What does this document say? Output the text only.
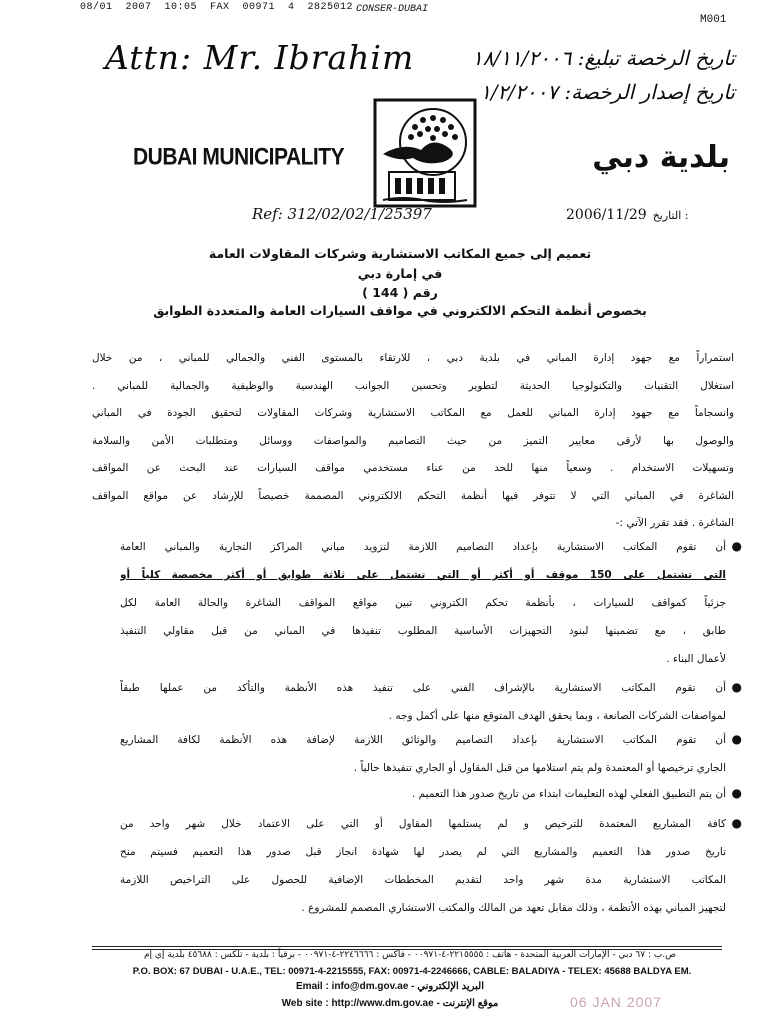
08/01  2007  10:05  FAX  00971  4  2825012 CONSER-DUBAI
M001
Attn: Mr. Ibrahim	تاريخ الرخصة تبليغ: ١٨/١١/٢٠٠٦
تاريخ إصدار الرخصة: ١/٢/٢٠٠٧
DUBAI MUNICIPALITY	بلدية دبي
Ref: 312/02/02/1/25397	2006/11/29 التاريخ :
تعميم إلى جميع المكاتب الاستشارية وشركات المقاولات العامة
في إمارة دبي
رقم ( 144 )
بخصوص أنظمة التحكم الالكتروني في مواقف السيارات العامة والمتعددة الطوابق
استمراراً مع جهود إدارة المباني في بلدية دبي ، للارتقاء بالمستوى الفني والجمالي للمباني ، من خلال
استغلال التقنيات والتكنولوجيا الحديثة لتطوير وتحسين الجوانب الهندسية والوظيفية والجمالية للمباني .
وانسجاماً مع جهود إدارة المباني للعمل مع المكاتب الاستشارية وشركات المقاولات لتحقيق الجودة في المباني
والوصول بها لأرقى معايير التميز من حيث التصاميم والمواصفات ووسائل ومتطلبات الأمن والسلامة
وتسهيلات الاستخدام . وسعياً منها للحد من عناء مستخدمي مواقف السيارات عند البحث عن المواقف
الشاغرة في المباني التي لا تتوفر فيها أنظمة التحكم الالكتروني المصممة خصيصاً للإرشاد عن مواقع المواقف
الشاغرة . فقد تقرر الآتي :-
●
أن تقوم المكاتب الاستشارية بإعداد التصاميم اللازمة لتزويد مباني المراكز التجارية والمباني العامة
التي تشتمل على 150 موقف أو أكثر أو التي تشتمل على ثلاثة طوابق أو أكثر مخصصة كلياً أو
جزئياً كمواقف للسيارات ، بأنظمة تحكم الكتروني تبين مواقع المواقف الشاغرة والحالة العامة لكل
طابق ، مع تضمينها لبنود التجهيزات الأساسية المطلوب تنفيذها في المباني من قبل مقاولي التنفيذ
لأعمال البناء .
●
أن تقوم المكاتب الاستشارية بالإشراف الفني على تنفيذ هذه الأنظمة والتأكد من عملها طبقاً
لمواصفات الشركات الصانعة ، وبما يحقق الهدف المتوقع منها على أكمل وجه .
●
أن تقوم المكاتب الاستشارية بإعداد التصاميم والوثائق اللازمة لإضافة هذه الأنظمة لكافة المشاريع
الجاري ترخيصها أو المعتمدة ولم يتم استلامها من قبل المقاول أو الجاري تنفيذها حالياً .
●
أن يتم التطبيق الفعلي لهذه التعليمات ابتداء من تاريخ صدور هذا التعميم .
●
كافة المشاريع المعتمدة للترخيص و لم يستلمها المقاول أو التي على الاعتماد خلال شهر واحد من
تاريخ صدور هذا التعميم والمشاريع التي لم يصدر لها شهادة انجاز قبل صدور هذا التعميم فسيتم منح
المكاتب الاستشارية مدة شهر واحد لتقديم المخططات الإضافية للحصول على التراخيص اللازمة
لتجهيز المباني بهذه الأنظمة ، وذلك مقابل تعهد من المالك والمكتب الاستشاري المصمم للمشروع .
ص.ب : ٦٧ دبي - الإمارات العربية المتحدة - هاتف : ٢٢١٥٥٥٥-٤-٠٠٩٧١ - فاكس : ٢٢٤٦٦٦٦-٤-٠٠٩٧١ - برقياً : بلدية - تلكس : ٤٥٦٨٨ بلدية إي إم
P.O. BOX: 67 DUBAI - U.A.E., TEL: 00971-4-2215555, FAX: 00971-4-2246666, CABLE: BALADIYA - TELEX: 45688 BALDYA EM.
Email : info@dm.gov.ae - البريد الإلكتروني
Web site : http://www.dm.gov.ae - موقع الإنترنت	06 JAN 2007
